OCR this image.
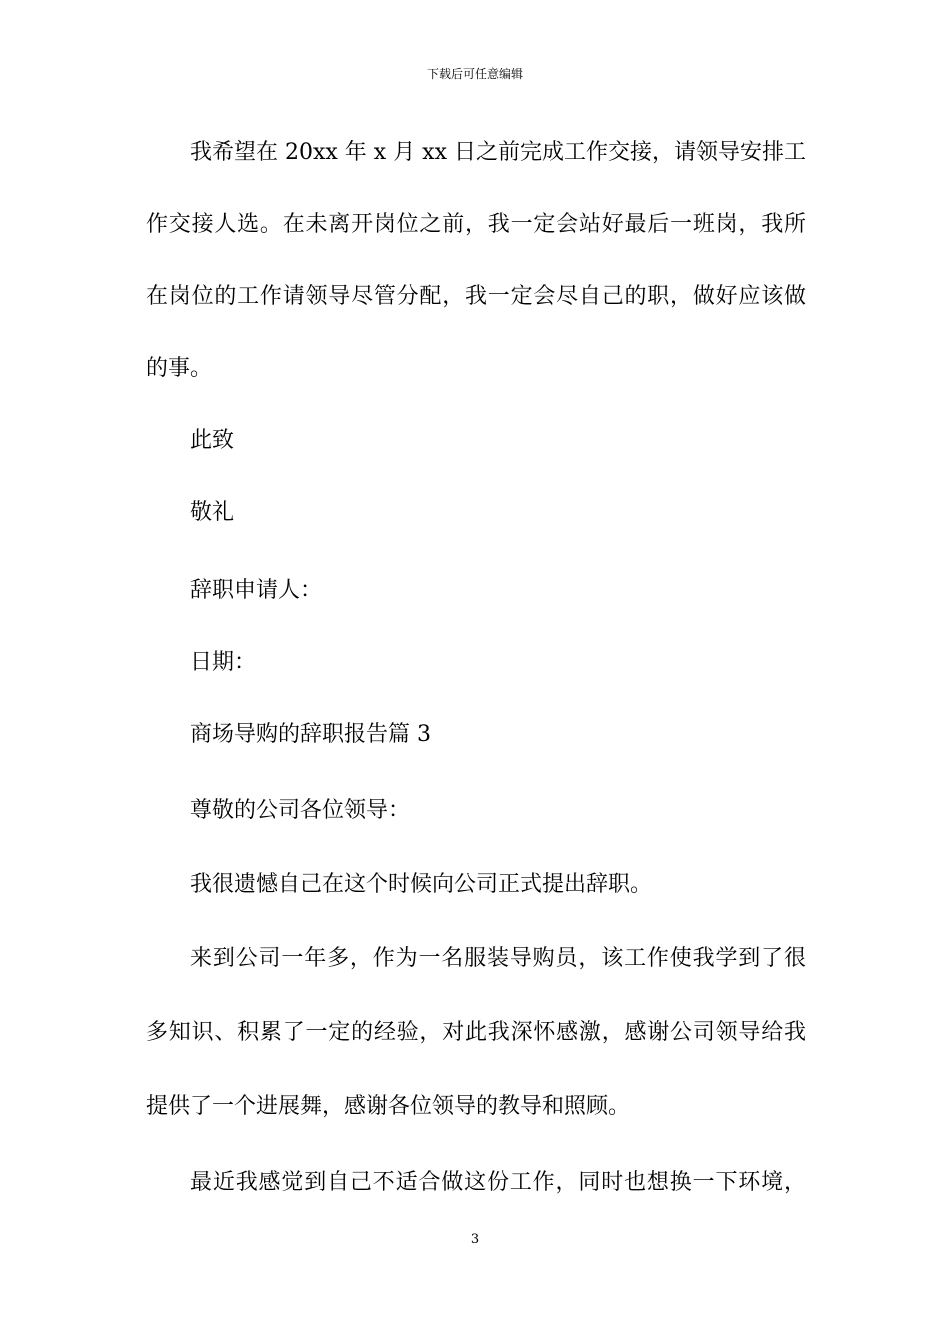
下载后可任意编辑
我希望在 20xx 年 x 月 xx 日之前完成工作交接，请领导安排工
作交接人选。在未离开岗位之前，我一定会站好最后一班岗，我所
在岗位的工作请领导尽管分配，我一定会尽自己的职，做好应该做
的事。
此致
敬礼
辞职申请人：
日期：
商场导购的辞职报告篇 3
尊敬的公司各位领导：
我很遗憾自己在这个时候向公司正式提出辞职。
来到公司一年多，作为一名服装导购员，该工作使我学到了很
多知识、积累了一定的经验，对此我深怀感激，感谢公司领导给我
提供了一个进展舞，感谢各位领导的教导和照顾。
最近我感觉到自己不适合做这份工作，同时也想换一下环境，
3
